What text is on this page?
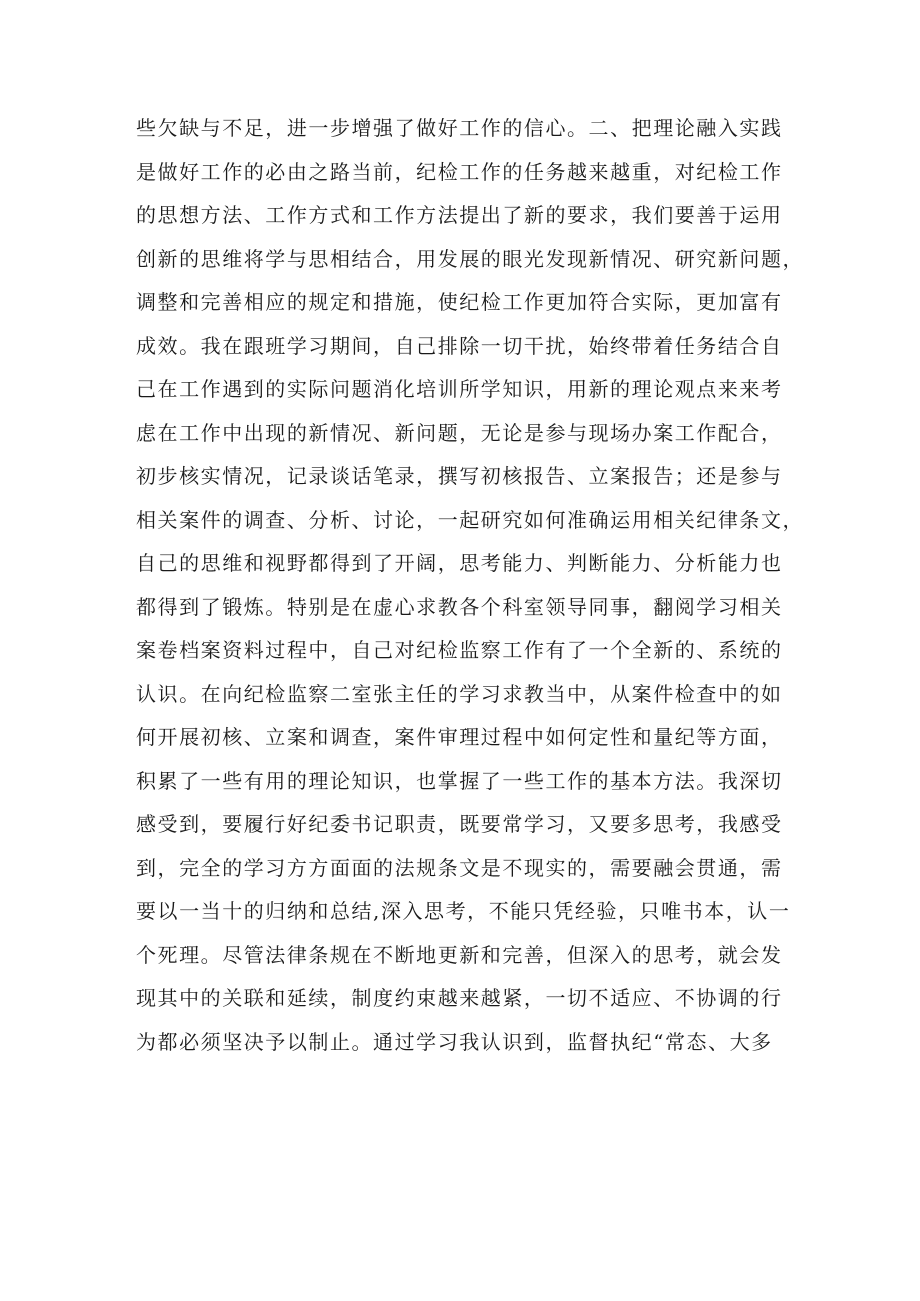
些欠缺与不足，进一步增强了做好工作的信心。二、把理论融入实践
是做好工作的必由之路当前，纪检工作的任务越来越重，对纪检工作
的思想方法、工作方式和工作方法提出了新的要求，我们要善于运用
创新的思维将学与思相结合，用发展的眼光发现新情况、研究新问题，
调整和完善相应的规定和措施，使纪检工作更加符合实际，更加富有
成效。我在跟班学习期间，自己排除一切干扰，始终带着任务结合自
己在工作遇到的实际问题消化培训所学知识，用新的理论观点来来考
虑在工作中出现的新情况、新问题，无论是参与现场办案工作配合，
初步核实情况，记录谈话笔录，撰写初核报告、立案报告；还是参与
相关案件的调查、分析、讨论，一起研究如何准确运用相关纪律条文，
自己的思维和视野都得到了开阔，思考能力、判断能力、分析能力也
都得到了锻炼。特别是在虚心求教各个科室领导同事，翻阅学习相关
案卷档案资料过程中，自己对纪检监察工作有了一个全新的、系统的
认识。在向纪检监察二室张主任的学习求教当中，从案件检查中的如
何开展初核、立案和调查，案件审理过程中如何定性和量纪等方面，
积累了一些有用的理论知识，也掌握了一些工作的基本方法。我深切
感受到，要履行好纪委书记职责，既要常学习，又要多思考，我感受
到，完全的学习方方面面的法规条文是不现实的，需要融会贯通，需
要以一当十的归纳和总结,深入思考，不能只凭经验，只唯书本，认一
个死理。尽管法律条规在不断地更新和完善，但深入的思考，就会发
现其中的关联和延续，制度约束越来越紧，一切不适应、不协调的行
为都必须坚决予以制止。通过学习我认识到，监督执纪“常态、大多
